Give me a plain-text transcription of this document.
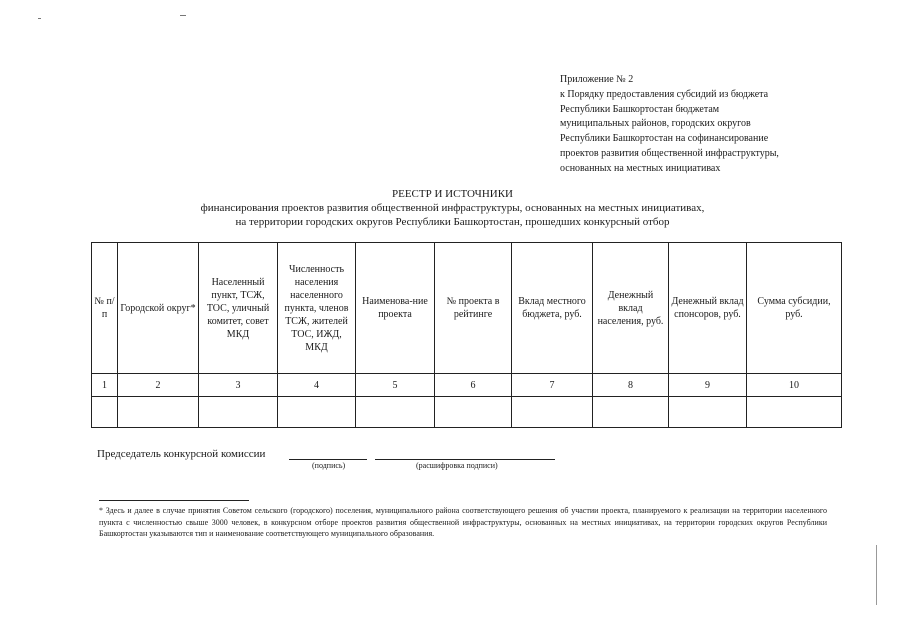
Приложение № 2
к Порядку предоставления субсидий из бюджета
Республики Башкортостан бюджетам
муниципальных районов, городских округов
Республики Башкортостан на софинансирование
проектов развития общественной инфраструктуры,
основанных на местных инициативах
РЕЕСТР И ИСТОЧНИКИ
финансирования проектов развития общественной инфраструктуры, основанных на местных инициативах,
на территории городских округов Республики Башкортостан, прошедших конкурсный отбор
№ п/п	Городской округ*	Населенный пункт, ТСЖ, ТОС, уличный комитет, совет МКД	Численность населения населенного пункта, членов ТСЖ, жителей ТОС, ИЖД, МКД	Наименова-ние проекта	№ проекта в рейтинге	Вклад местного бюджета, руб.	Денежный вклад населения, руб.	Денежный вклад спонсоров, руб.	Сумма субсидии, руб.
1	2	3	4	5	6	7	8	9	10

Председатель конкурсной комиссии
(подпись)	(расшифровка подписи)
* Здесь и далее в случае принятия Советом сельского (городского) поселения, муниципального района соответствующего решения об участии проекта, планируемого к реализации на территории населенного пункта с численностью свыше 3000 человек, в конкурсном отборе проектов развития общественной инфраструктуры, основанных на местных инициативах, на территории городских округов Республики Башкортостан указываются тип и наименование соответствующего муниципального образования.
